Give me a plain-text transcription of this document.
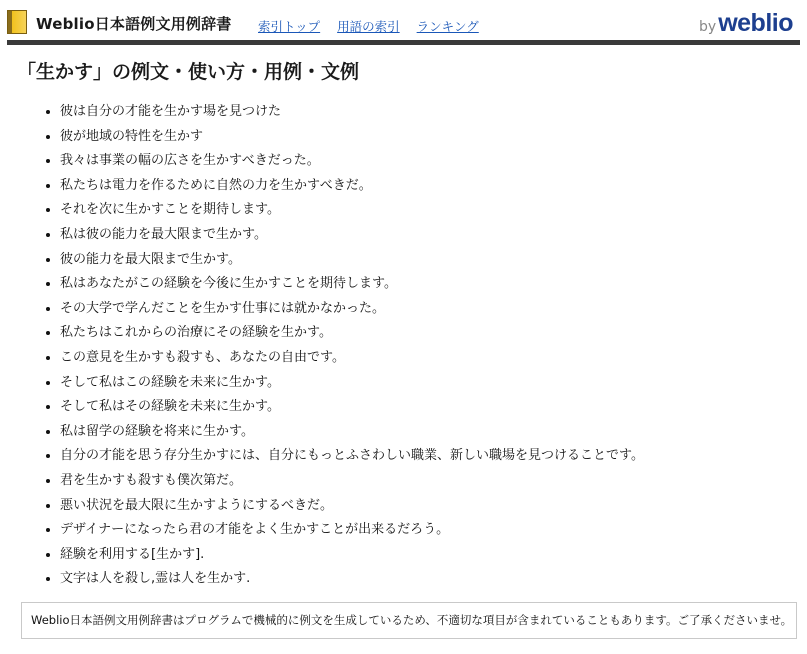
Weblio日本語例文用例辞書 索引トップ 用語の索引 ランキング	byweblio
「生かす」の例文・使い方・用例・文例
• 彼は自分の才能を生かす場を見つけた
• 彼が地域の特性を生かす
• 我々は事業の幅の広さを生かすべきだった。
• 私たちは電力を作るために自然の力を生かすべきだ。
• それを次に生かすことを期待します。
• 私は彼の能力を最大限まで生かす。
• 彼の能力を最大限まで生かす。
• 私はあなたがこの経験を今後に生かすことを期待します。
• その大学で学んだことを生かす仕事には就かなかった。
• 私たちはこれからの治療にその経験を生かす。
• この意見を生かすも殺すも、あなたの自由です。
• そして私はこの経験を未来に生かす。
• そして私はその経験を未来に生かす。
• 私は留学の経験を将来に生かす。
• 自分の才能を思う存分生かすには、自分にもっとふさわしい職業、新しい職場を見つけることです。
• 君を生かすも殺すも僕次第だ。
• 悪い状況を最大限に生かすようにするべきだ。
• デザイナーになったら君の才能をよく生かすことが出来るだろう。
• 経験を利用する[生かす].
• 文字は人を殺し,霊は人を生かす.
Weblio日本語例文用例辞書はプログラムで機械的に例文を生成しているため、不適切な項目が含まれていることもあります。ご了承くださいませ。
